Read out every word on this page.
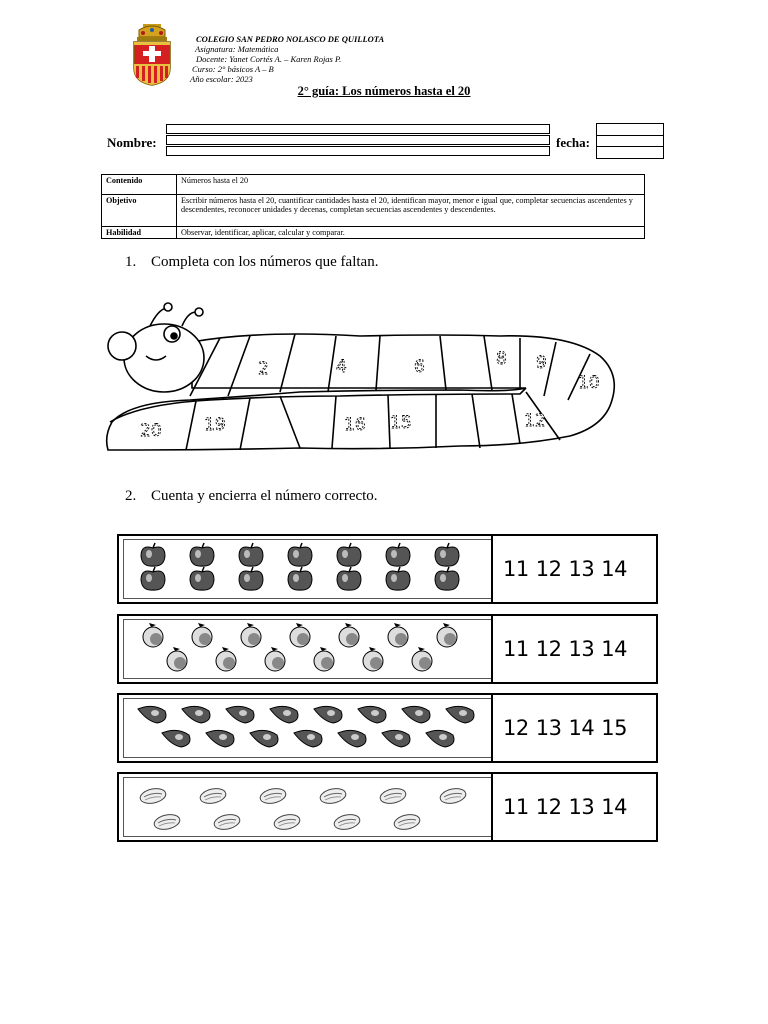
COLEGIO SAN PEDRO NOLASCO DE QUILLOTA
Asignatura: Matemática
Docente: Yanet Cortés A. – Karen Rojas P.
Curso: 2° básicos A – B
Año escolar: 2023
2° guía: Los números hasta el 20
Nombre:	fecha:
Contenido	Números hasta el 20
Objetivo	Escribir números hasta el 20, cuantificar cantidades hasta el 20, identifican mayor, menor e igual que, completar secuencias ascendentes y descendentes, reconocer unidades y decenas, completan secuencias ascendentes y descendentes.
Habilidad	Observar, identificar, aplicar, calcular y comparar.
1. Completa con los números que faltan.
2	4	6	8 9
10
20 19	16 15	12
2. Cuenta y encierra el número correcto.
11 12 13 14
11 12 13 14
12 13 14 15
11 12 13 14
